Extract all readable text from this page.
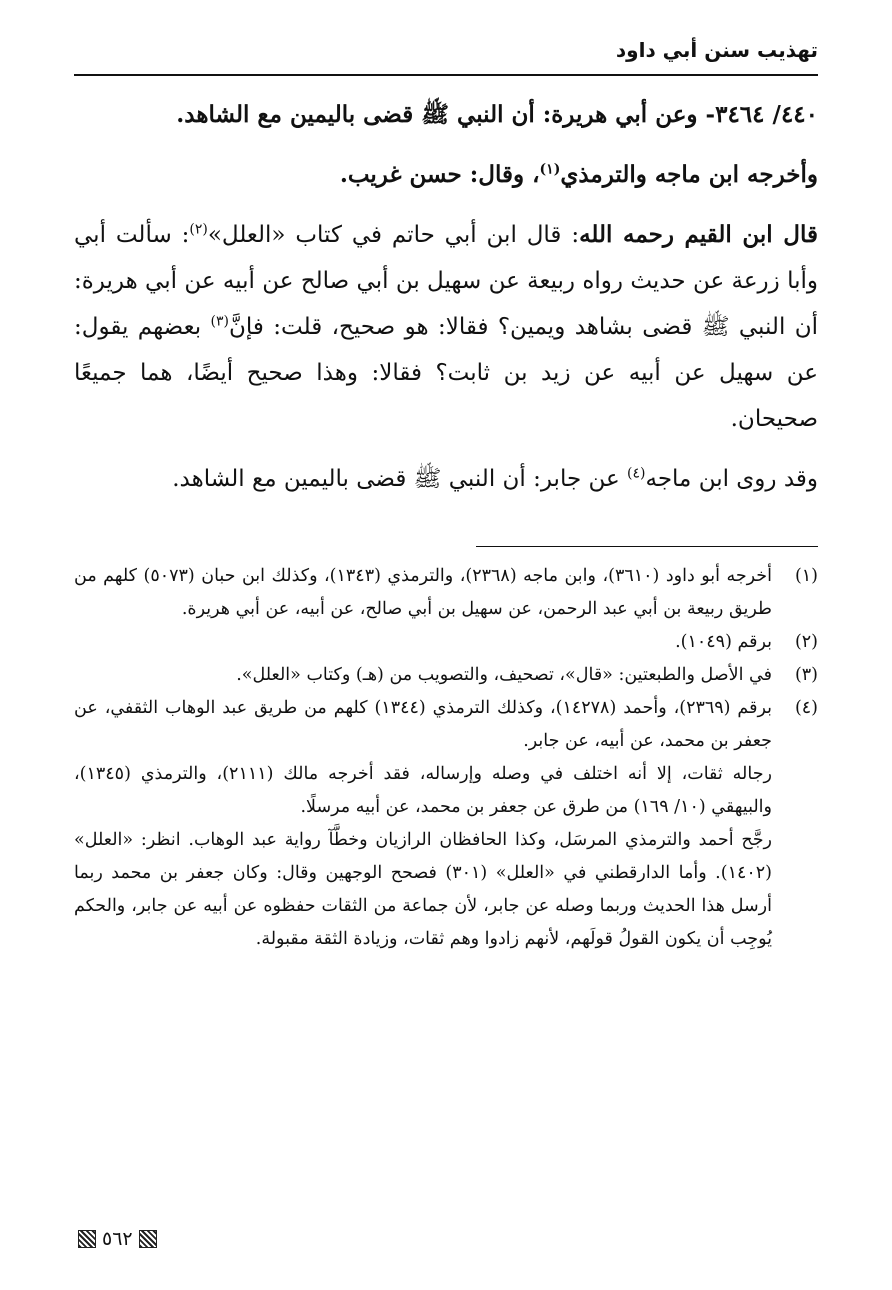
تهذيب سنن أبي داود

٤٤٠/ ٣٤٦٤- وعن أبي هريرة: أن النبي ﷺ قضى باليمين مع الشاهد.

وأخرجه ابن ماجه والترمذي$^{(١)}$، وقال: حسن غريب.

قال ابن القيم رحمه الله: قال ابن أبي حاتم في كتاب «العلل»$^{(٢)}$: سألت أبي وأبا زرعة عن حديث رواه ربيعة عن سهيل بن أبي صالح عن أبيه عن أبي هريرة: أن النبي ﷺ قضى بشاهد ويمين؟ فقالا: هو صحيح، قلت: فإنَّ$^{(٣)}$ بعضهم يقول: عن سهيل عن أبيه عن زيد بن ثابت؟ فقالا: وهذا صحيح أيضًا، هما جميعًا صحيحان.

وقد روى ابن ماجه$^{(٤)}$ عن جابر: أن النبي ﷺ قضى باليمين مع الشاهد.

(١)
أخرجه أبو داود (٣٦١٠)، وابن ماجه (٢٣٦٨)، والترمذي (١٣٤٣)، وكذلك ابن حبان (٥٠٧٣) كلهم من طريق ربيعة بن أبي عبد الرحمن، عن سهيل بن أبي صالح، عن أبيه، عن أبي هريرة.
(٢)
برقم (١٠٤٩).
(٣)
في الأصل والطبعتين: «قال»، تصحيف، والتصويب من (هـ) وكتاب «العلل».
(٤)
برقم (٢٣٦٩)، وأحمد (١٤٢٧٨)، وكذلك الترمذي (١٣٤٤) كلهم من طريق عبد الوهاب الثقفي، عن جعفر بن محمد، عن أبيه، عن جابر.
رجاله ثقات، إلا أنه اختلف في وصله وإرساله، فقد أخرجه مالك (٢١١١)، والترمذي (١٣٤٥)، والبيهقي (١٠/ ١٦٩) من طرق عن جعفر بن محمد، عن أبيه مرسلًا.
رجَّح أحمد والترمذي المرسَل، وكذا الحافظان الرازيان وخطَّآ رواية عبد الوهاب. انظر: «العلل» (١٤٠٢). وأما الدارقطني في «العلل» (٣٠١) فصحح الوجهين وقال: وكان جعفر بن محمد ربما أرسل هذا الحديث وربما وصله عن جابر، لأن جماعة من الثقات حفظوه عن أبيه عن جابر، والحكم يُوجِب أن يكون القولُ قولَهم، لأنهم زادوا وهم ثقات، وزيادة الثقة مقبولة.
٥٦٢
